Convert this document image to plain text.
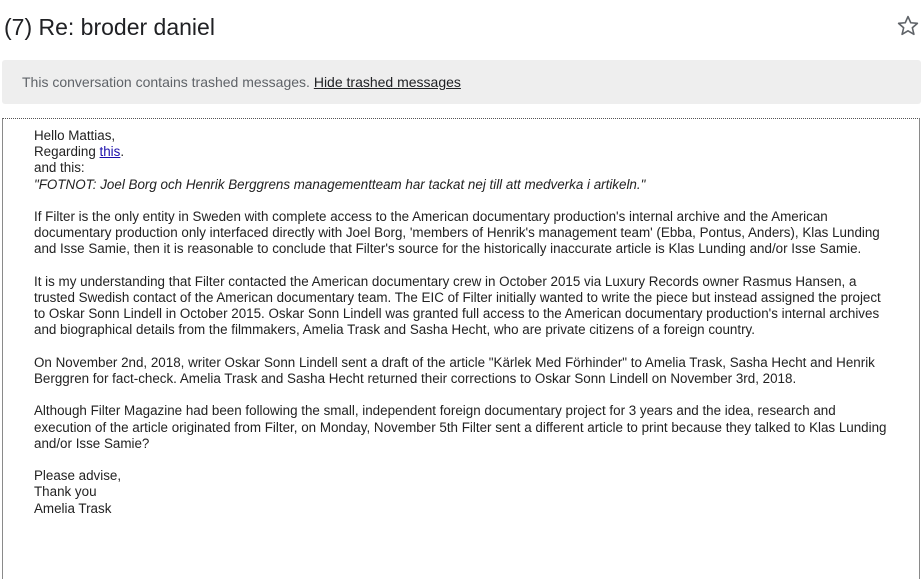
(7) Re: broder daniel
This conversation contains trashed messages. Hide trashed messages

Hello Mattias,

Regarding this.

and this:

"FOTNOT: Joel Borg och Henrik Berggrens managementteam har tackat nej till att medverka i artikeln."

If Filter is the only entity in Sweden with complete access to the American documentary production's internal archive and the American documentary production only interfaced directly with Joel Borg, 'members of Henrik's management team' (Ebba, Pontus, Anders), Klas Lunding and Isse Samie, then it is reasonable to conclude that Filter's source for the historically inaccurate article is Klas Lunding and/or Isse Samie.

It is my understanding that Filter contacted the American documentary crew in October 2015 via Luxury Records owner Rasmus Hansen, a trusted Swedish contact of the American documentary team. The EIC of Filter initially wanted to write the piece but instead assigned the project to Oskar Sonn Lindell in October 2015. Oskar Sonn Lindell was granted full access to the American documentary production's internal archives and biographical details from the filmmakers, Amelia Trask and Sasha Hecht, who are private citizens of a foreign country.

On November 2nd, 2018, writer Oskar Sonn Lindell sent a draft of the article "Kärlek Med Förhinder" to Amelia Trask, Sasha Hecht and Henrik Berggren for fact-check. Amelia Trask and Sasha Hecht returned their corrections to Oskar Sonn Lindell on November 3rd, 2018.

Although Filter Magazine had been following the small, independent foreign documentary project for 3 years and the idea, research and execution of the article originated from Filter, on Monday, November 5th Filter sent a different article to print because they talked to Klas Lunding and/or Isse Samie?

Please advise,

Thank you

Amelia Trask
